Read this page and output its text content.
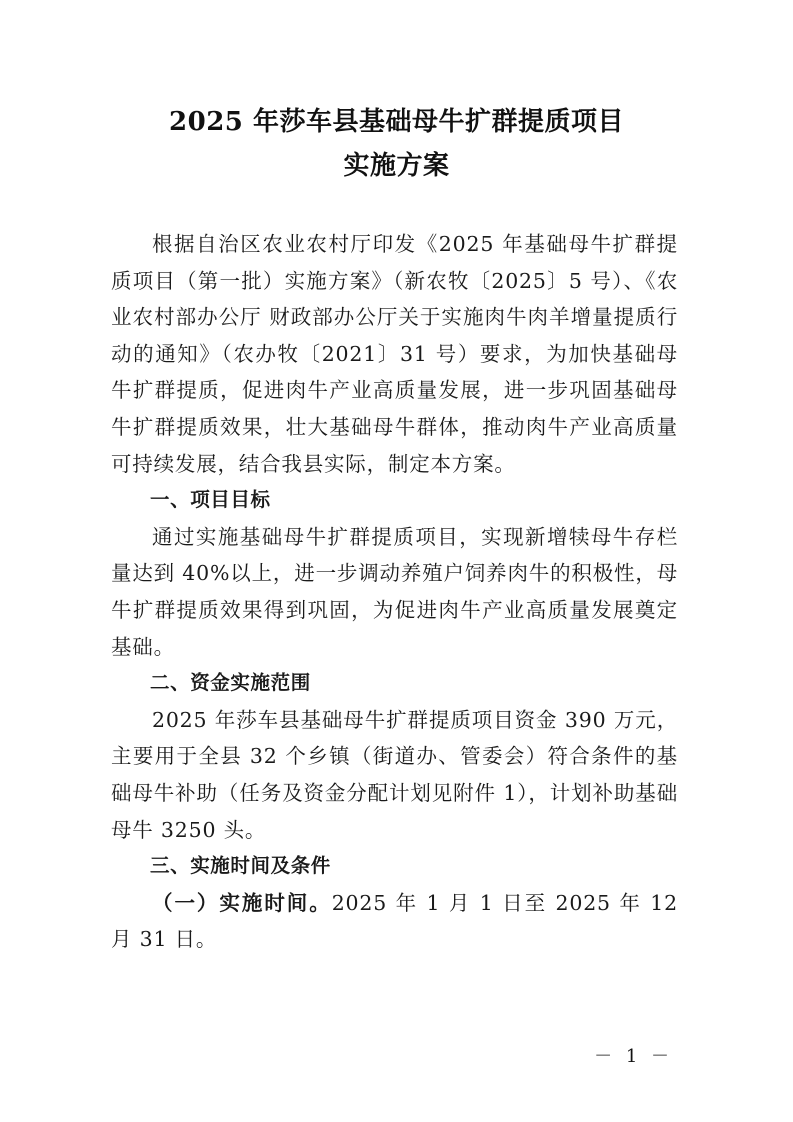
2025 年莎车县基础母牛扩群提质项目
实施方案

根据自治区农业农村厅印发《2025 年基础母牛扩群提质项目（第一批）实施方案》（新农牧〔2025〕5 号）、《农业农村部办公厅 财政部办公厅关于实施肉牛肉羊增量提质行动的通知》（农办牧〔2021〕31 号）要求，为加快基础母牛扩群提质，促进肉牛产业高质量发展，进一步巩固基础母牛扩群提质效果，壮大基础母牛群体，推动肉牛产业高质量可持续发展，结合我县实际，制定本方案。

一、项目目标

通过实施基础母牛扩群提质项目，实现新增犊母牛存栏量达到 40%以上，进一步调动养殖户饲养肉牛的积极性，母牛扩群提质效果得到巩固，为促进肉牛产业高质量发展奠定基础。

二、资金实施范围

2025 年莎车县基础母牛扩群提质项目资金 390 万元，主要用于全县 32 个乡镇（街道办、管委会）符合条件的基础母牛补助（任务及资金分配计划见附件 1），计划补助基础母牛 3250 头。

三、实施时间及条件

（一）实施时间。2025 年 1 月 1 日至 2025 年 12 月 31 日。

－ 1 －
